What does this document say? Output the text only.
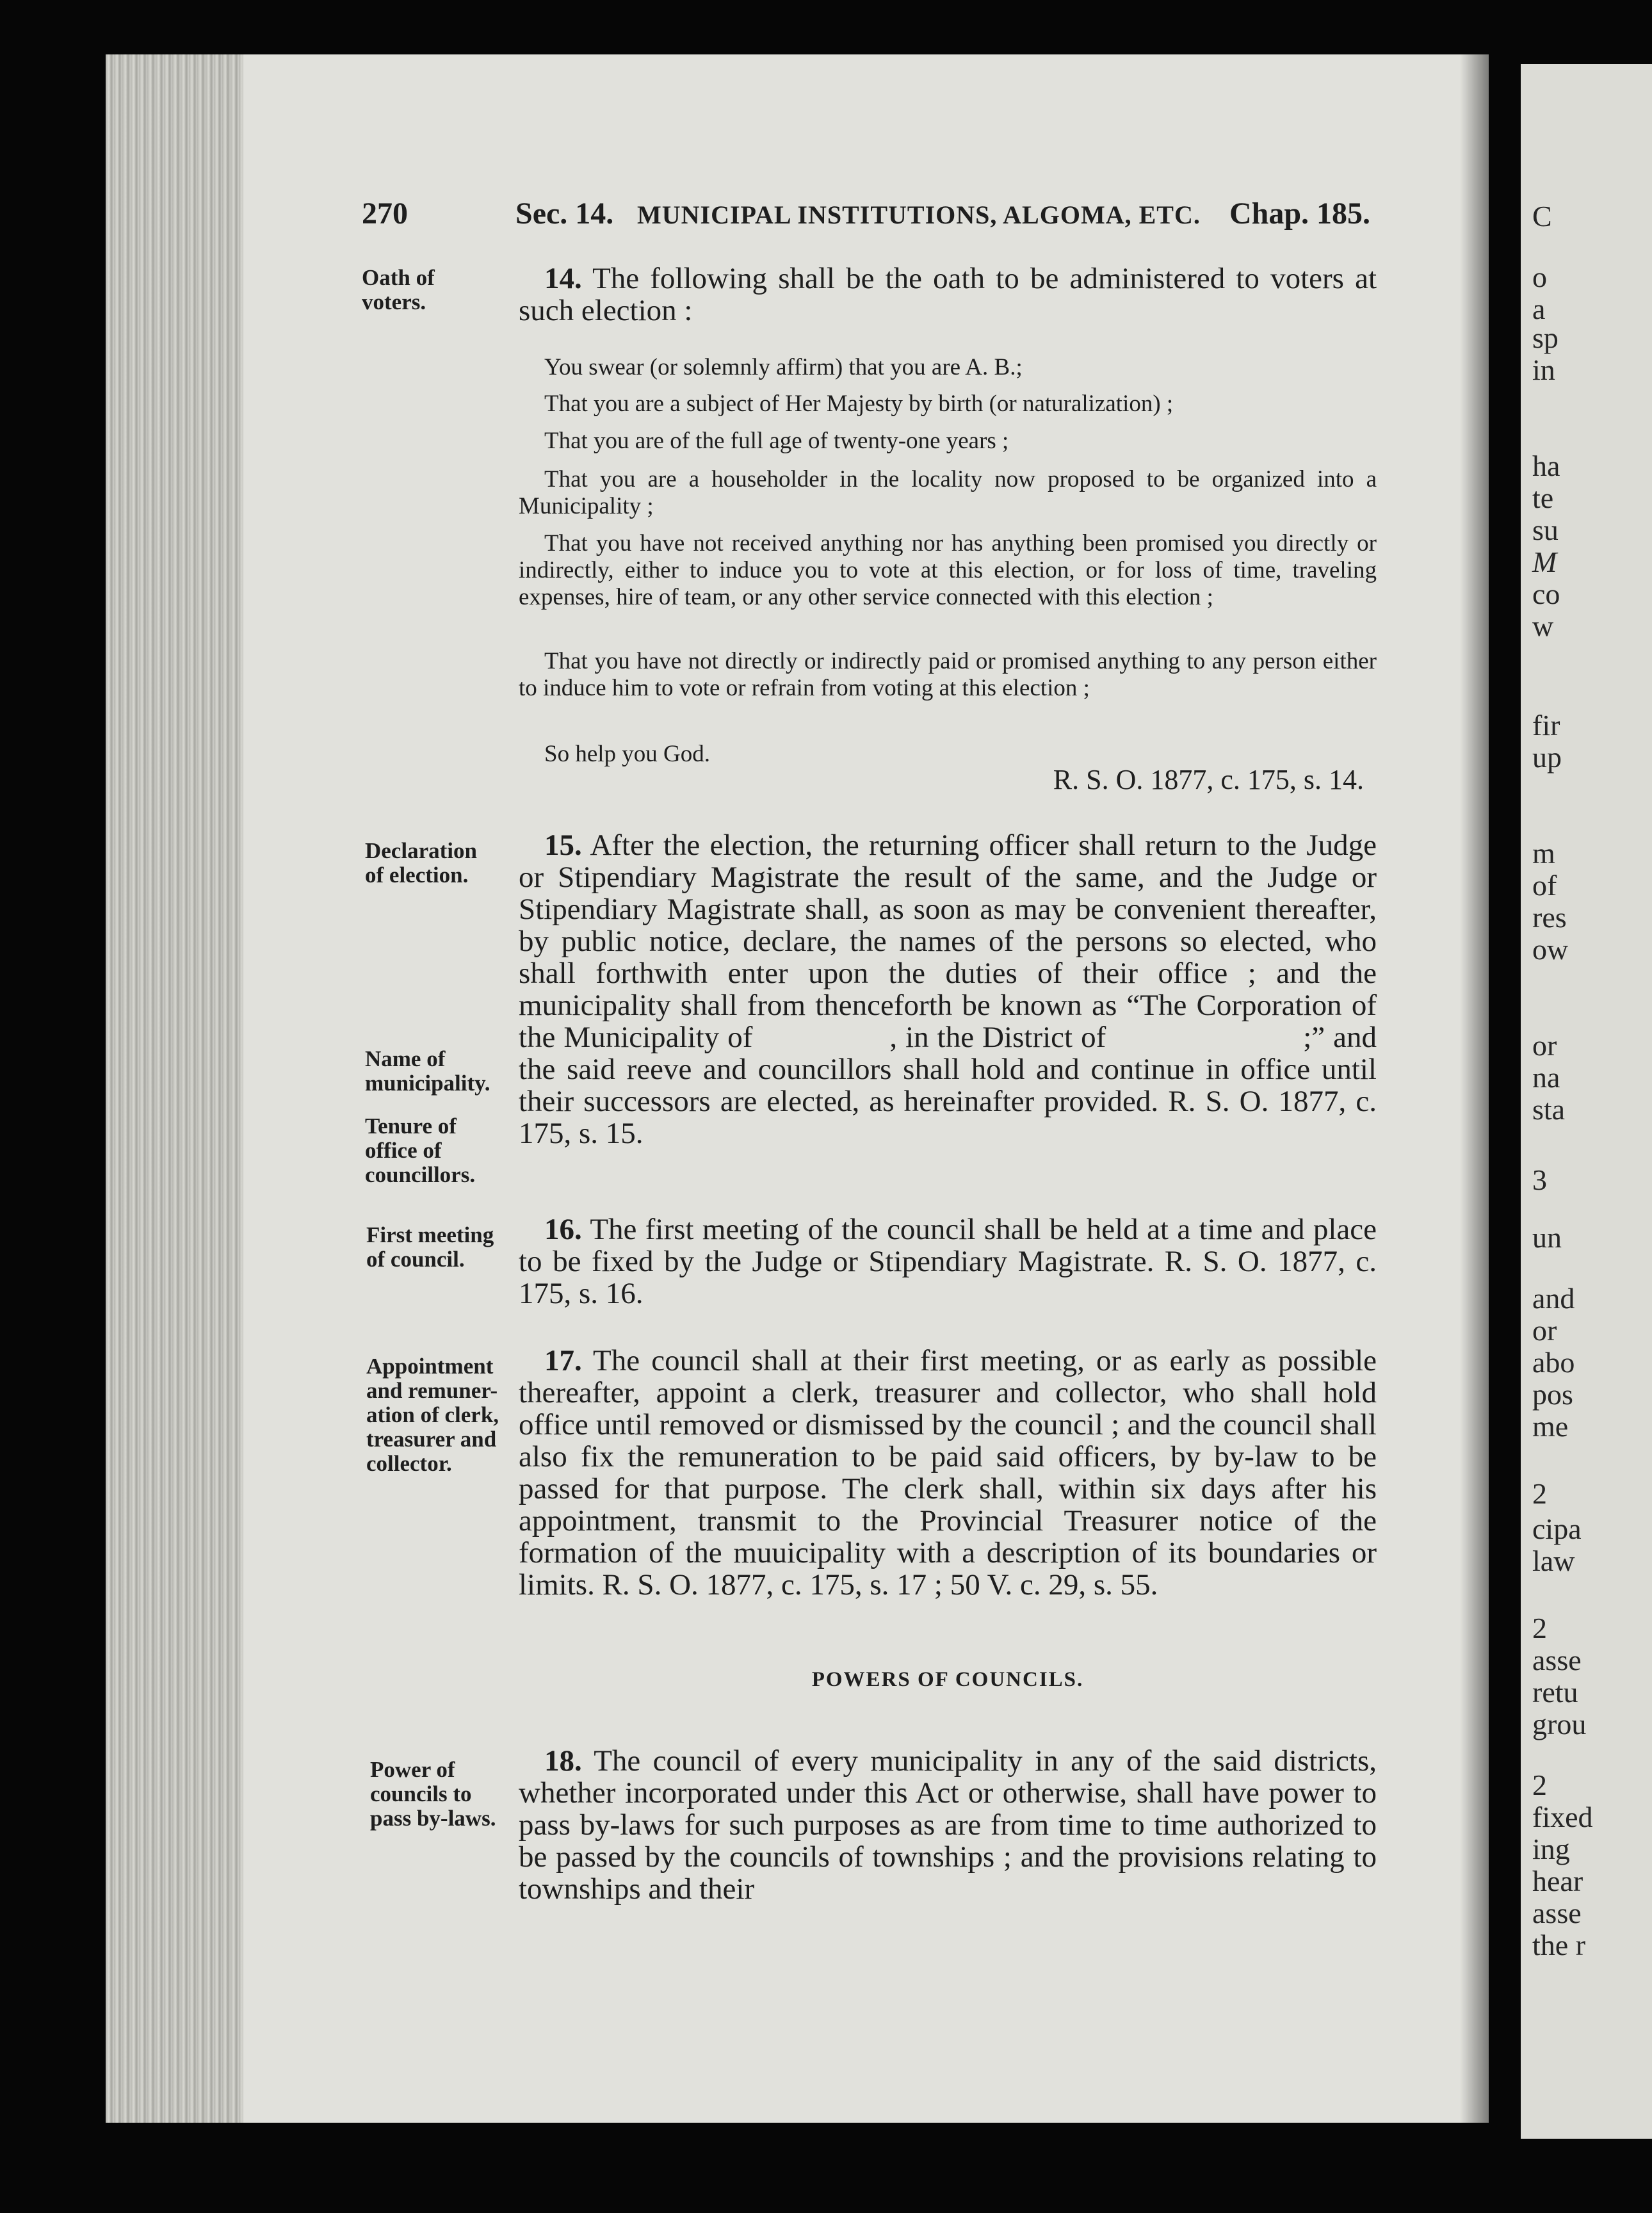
C
o
a
sp
in
ha
te
su
M
co
w
fir
up
m
of
res
ow
or
na
sta
3
un
and
or
abo
pos
me
2
cipa
law
2
asse
retu
grou
2
fixed
ing
hear
asse
the r
270	Sec. 14. MUNICIPAL INSTITUTIONS, ALGOMA, ETC. Chap. 185.
Oath of
voters.
Declaration
of election.
Name of
municipality.
Tenure of
office of
councillors.
First meeting
of council.
Appointment
and remuner-
ation of clerk,
treasurer and
collector.
Power of
councils to
pass by-laws.
14. The following shall be the oath to be administered to voters at such election :
You swear (or solemnly affirm) that you are A. B.;
That you are a subject of Her Majesty by birth (or naturalization) ;
That you are of the full age of twenty-one years ;
That you are a householder in the locality now proposed to be organized into a Municipality ;
That you have not received anything nor has anything been promised you directly or indirectly, either to induce you to vote at this election, or for loss of time, traveling expenses, hire of team, or any other service connected with this election ;
That you have not directly or indirectly paid or promised anything to any person either to induce him to vote or refrain from voting at this election ;
So help you God.
R. S. O. 1877, c. 175, s. 14.
15. After the election, the returning officer shall return to the Judge or Stipendiary Magistrate the result of the same, and the Judge or Stipendiary Magistrate shall, as soon as may be convenient thereafter, by public notice, declare, the names of the persons so elected, who shall forthwith enter upon the duties of their office ; and the municipality shall from thenceforth be known as “The Corporation of the Municipality of      , in the District of        ;” and the said reeve and councillors shall hold and continue in office until their successors are elected, as hereinafter provided. R. S. O. 1877, c. 175, s. 15.
16. The first meeting of the council shall be held at a time and place to be fixed by the Judge or Stipendiary Magistrate. R. S. O. 1877, c. 175, s. 16.
17. The council shall at their first meeting, or as early as possible thereafter, appoint a clerk, treasurer and collector, who shall hold office until removed or dismissed by the council ; and the council shall also fix the remuneration to be paid said officers, by by-law to be passed for that purpose. The clerk shall, within six days after his appointment, transmit to the Provincial Treasurer notice of the formation of the muuicipality with a description of its boundaries or limits. R. S. O. 1877, c. 175, s. 17 ; 50 V. c. 29, s. 55.
POWERS OF COUNCILS.
18. The council of every municipality in any of the said districts, whether incorporated under this Act or otherwise, shall have power to pass by-laws for such purposes as are from time to time authorized to be passed by the councils of townships ; and the provisions relating to townships and their
